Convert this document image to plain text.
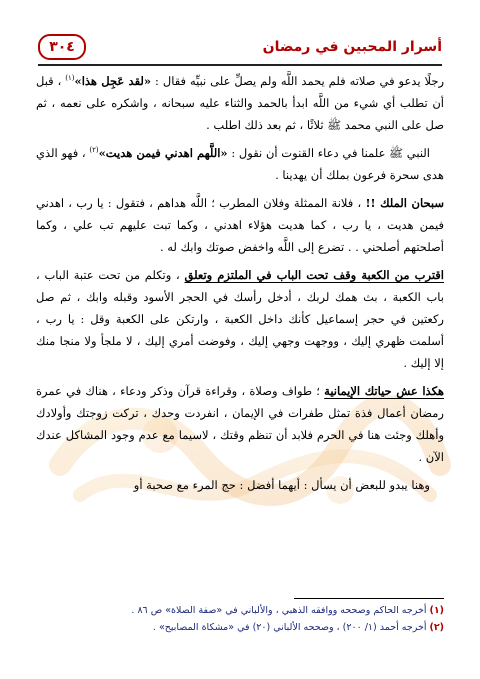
أسرار المحبين في رمضان
٣٠٤

رجلًا يدعو في صلاته فلم يحمد اللَّه ولم يصلِّ على نبيِّه فقال : «لقد عَجِل هذا»$^{(١)}$ ، قبل أن تطلب أي شيء من اللَّه ابدأ بالحمد والثناء عليه سبحانه ، واشكره على نعمه ، ثم صل على النبي محمد ﷺ ثلاثًا ، ثم بعد ذلك اطلب .

النبي ﷺ علمنا في دعاء القنوت أن نقول : «اللَّهم اهدني فيمن هديت»$^{(٢)}$ ، فهو الذي هدى سحرة فرعون بملك أن يهدينا .

سبحان الملك !! ، فلانة الممثلة وفلان المطرب ؛ اللَّه هداهم ، فتقول : يا رب ، اهدني فيمن هديت ، يا رب ، كما هديت هؤلاء اهدني ، وكما تبت عليهم تب علي ، وكما أصلحتهم أصلحني . . تضرع إلى اللَّه واخفض صوتك وابك له .

اقترب من الكعبة وقف تحت الباب في الملتزم وتعلق ، وتكلم من تحت عتبة الباب ، باب الكعبة ، بث همك لربك ، أدخل رأسك في الحجر الأسود وقبله وابك ، ثم صل ركعتين في حجر إسماعيل كأنك داخل الكعبة ، وارتكن على الكعبة وقل : يا رب ، أسلمت ظهري إليك ، ووجهت وجهي إليك ، وفوضت أمري إليك ، لا ملجأ ولا منجا منك إلا إليك .

هكذا عش حياتك الإيمانية ؛ طواف وصلاة ، وقراءة قرآن وذكر ودعاء ، هناك في عمرة رمضان أعمال فذة تمثل طفرات في الإيمان ، انفردت وحدك ، تركت زوجتك وأولادك وأهلك وجئت هنا في الحرم فلابد أن تنظم وقتك ، لاسيما مع عدم وجود المشاكل عندك الآن .

وهنا يبدو للبعض أن يسأل : أيهما أفضل : حج المرء مع صحبة أو

(١) أخرجه الحاكم وصححه ووافقه الذهبي ، والألباني في «صفة الصلاة» ص ٨٦ .

(٢) أخرجه أحمد (١/ ٢٠٠) ، وصححه الألباني (٢٠) في «مشكاة المصابيح» .
